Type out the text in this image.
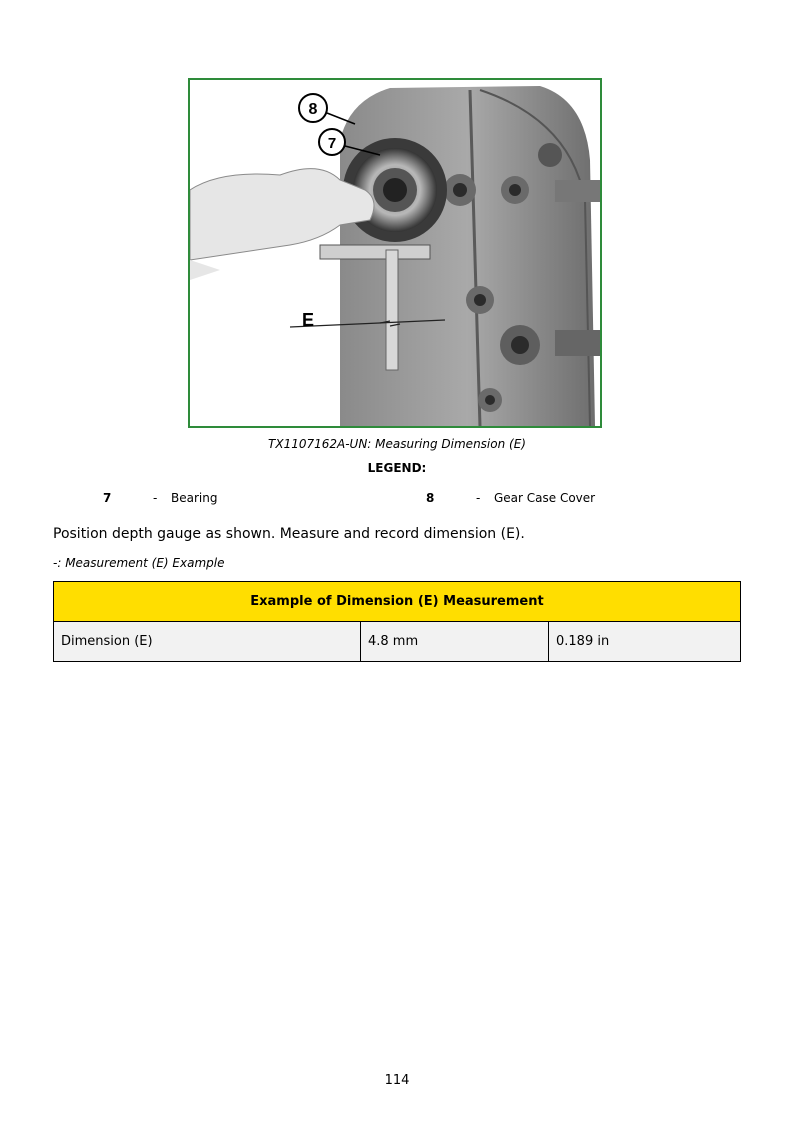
E
8
7
TX1107162A-UN: Measuring Dimension (E)
LEGEND:
7	- Bearing	8	- Gear Case Cover
Position depth gauge as shown. Measure and record dimension (E).
-: Measurement (E) Example
Example of Dimension (E) Measurement
Dimension (E)	4.8 mm	0.189 in
114
